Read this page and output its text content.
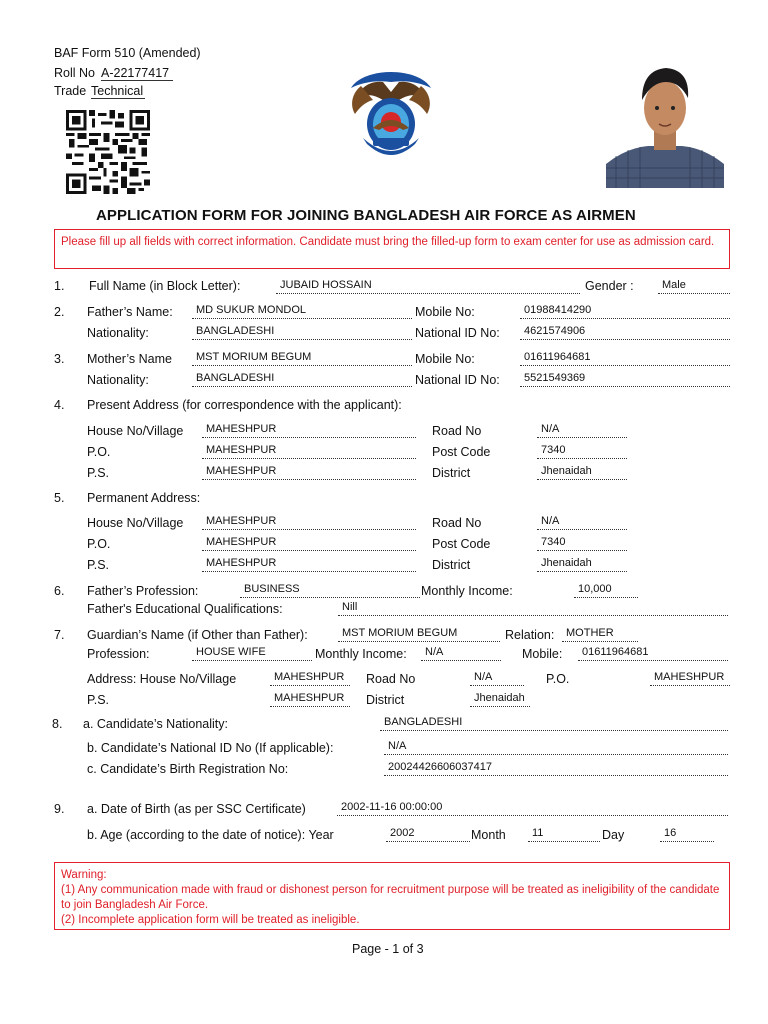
BAF Form 510 (Amended)
Roll No A-22177417
Trade Technical
APPLICATION FORM FOR JOINING BANGLADESH AIR FORCE AS AIRMEN
Please fill up all fields with correct information. Candidate must bring the filled-up form to exam center for use as admission card.
1. Full Name (in Block Letter):	JUBAID HOSSAIN	Gender :	Male
2. Father’s Name:	MD SUKUR MONDOL	Mobile No:	01988414290
Nationality:	BANGLADESHI	National ID No:	4621574906
3. Mother’s Name	MST MORIUM BEGUM	Mobile No:	01611964681
Nationality:	BANGLADESHI	National ID No:	5521549369
4. Present Address (for correspondence with the applicant):
House No/Village	MAHESHPUR	Road No	N/A
P.O.	MAHESHPUR	Post Code	7340
P.S.	MAHESHPUR	District	Jhenaidah
5. Permanent Address:
House No/Village	MAHESHPUR	Road No	N/A
P.O.	MAHESHPUR	Post Code	7340
P.S.	MAHESHPUR	District	Jhenaidah
6. Father’s Profession:	BUSINESS	Monthly Income:	10,000
Father's Educational Qualifications:	Nill
7. Guardian’s Name (if Other than Father):	MST MORIUM BEGUM	Relation:	MOTHER
Profession:	HOUSE WIFE	Monthly Income:	N/A	Mobile:	01611964681
Address: House No/Village	MAHESHPUR	Road No	N/A	P.O.	MAHESHPUR
P.S.	MAHESHPUR	District	Jhenaidah
8. a. Candidate’s Nationality:	BANGLADESHI
b. Candidate’s National ID No (If applicable):	N/A
c. Candidate’s Birth Registration No:	20024426606037417
9. a. Date of Birth (as per SSC Certificate)	2002-11-16 00:00:00
b. Age (according to the date of notice): Year	2002	Month	11	Day	16
Warning:
(1) Any communication made with fraud or dishonest person for recruitment purpose will be treated as ineligibility of the candidate to join Bangladesh Air Force.
(2) Incomplete application form will be treated as ineligible.
Page - 1 of 3
